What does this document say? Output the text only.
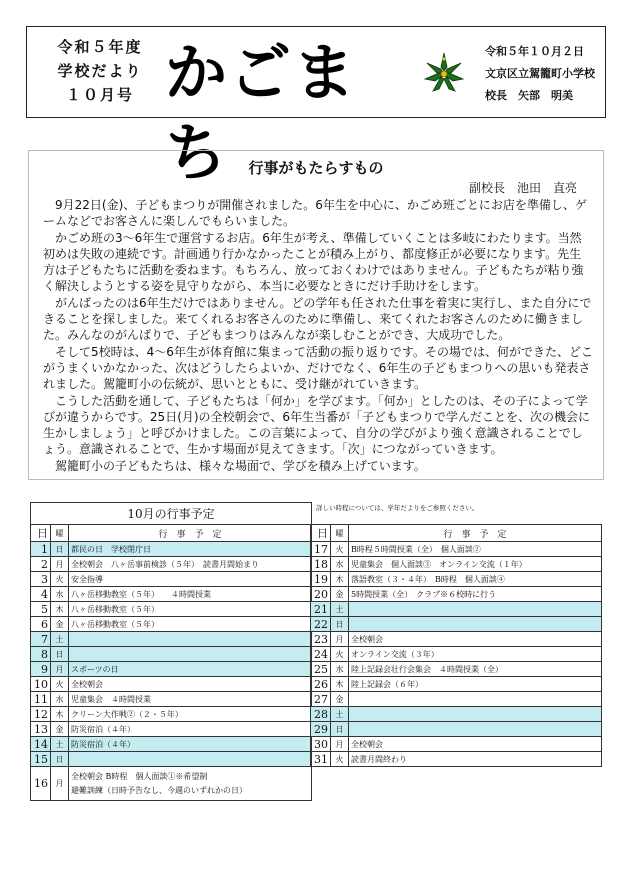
令和５年度
学校だより
１０月号 かごまち
令和５年１０月２日
文京区立駕籠町小学校
校長　矢部　明美
行事がもたらすもの
副校長　池田　直亮

9月22日(金)、子どもまつりが開催されました。6年生を中心に、かごめ班ごとにお店を準備し、ゲームなどでお客さんに楽しんでもらいました。

かごめ班の3～6年生で運営するお店。6年生が考え、準備していくことは多岐にわたります。当然初めは失敗の連続です。計画通り行かなかったことが積み上がり、都度修正が必要になります。先生方は子どもたちに活動を委ねます。もちろん、放っておくわけではありません。子どもたちが粘り強く解決しようとする姿を見守りながら、本当に必要なときにだけ手助けをします。

がんばったのは6年生だけではありません。どの学年も任された仕事を着実に実行し、また自分にできることを探しました。来てくれるお客さんのために準備し、来てくれたお客さんのために働きました。みんなのがんばりで、子どもまつりはみんなが楽しむことができ、大成功でした。

そして5校時は、4～6年生が体育館に集まって活動の振り返りです。その場では、何ができた、どこがうまくいかなかった、次はどうしたらよいか、だけでなく、6年生の子どもまつりへの思いも発表されました。駕籠町小の伝統が、思いとともに、受け継がれていきます。

こうした活動を通して、子どもたちは「何か」を学びます。「何か」としたのは、その子によって学びが違うからです。25日(月)の全校朝会で、6年生当番が「子どもまつりで学んだことを、次の機会に生かしましょう」と呼びかけました。この言葉によって、自分の学びがより強く意識されることでしょう。意識されることで、生かす場面が見えてきます。「次」につながっていきます。

駕籠町小の子どもたちは、様々な場面で、学びを積み上げています。

10月の行事予定	詳しい時程については、学年だよりをご参照ください。
日	曜	行　事　予　定
1	日	都民の日　学校閉庁日
2	月	全校朝会　八ヶ岳事前検診（５年）　読書月間始まり
3	火	安全指導
4	水	八ヶ岳移動教室（５年）　　４時間授業
5	木	八ヶ岳移動教室（５年）
6	金	八ヶ岳移動教室（５年）
7	土	
8	日	
9	月	スポーツの日
10	火	全校朝会
11	水	児童集会　４時間授業
12	木	クリーン大作戦②（２・５年）
13	金	防災宿泊（４年）
14	土	防災宿泊（４年）
15	日	
16	月	全校朝会 B時程　個人面談①※希望制
避難訓練（日時予告なし、今週のいずれかの日）
日	曜	行　事　予　定
17	火	B時程５時間授業（全）　個人面談②
18	水	児童集会　個人面談③　オンライン交流（１年）
19	木	落語教室（３・４年）　B時程　個人面談④
20	金	5時間授業（全）　クラブ※６校時に行う
21	土	
22	日	
23	月	全校朝会
24	火	オンライン交流（３年）
25	水	陸上記録会壮行会集会　４時間授業（全）
26	木	陸上記録会（６年）
27	金	
28	土	
29	日	
30	月	全校朝会
31	火	読書月間終わり
